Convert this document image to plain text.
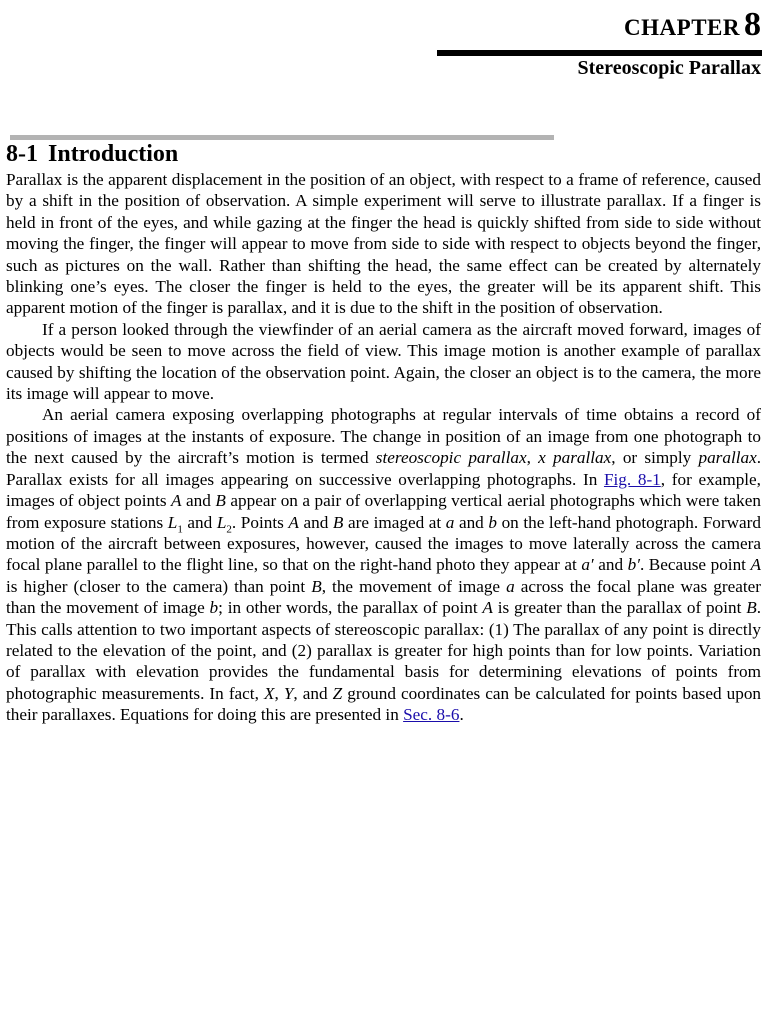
CHAPTER 8
Stereoscopic Parallax
8-1 Introduction

Parallax is the apparent displacement in the position of an object, with respect to a frame of reference, caused by a shift in the position of observation. A simple experiment will serve to illustrate parallax. If a finger is held in front of the eyes, and while gazing at the finger the head is quickly shifted from side to side without moving the finger, the finger will appear to move from side to side with respect to objects beyond the finger, such as pictures on the wall. Rather than shifting the head, the same effect can be created by alternately blinking one’s eyes. The closer the finger is held to the eyes, the greater will be its apparent shift. This apparent motion of the finger is parallax, and it is due to the shift in the position of observation.

If a person looked through the viewfinder of an aerial camera as the aircraft moved forward, images of objects would be seen to move across the field of view. This image motion is another example of parallax caused by shifting the location of the observation point. Again, the closer an object is to the camera, the more its image will appear to move.

An aerial camera exposing overlapping photographs at regular intervals of time obtains a record of positions of images at the instants of exposure. The change in position of an image from one photograph to the next caused by the aircraft’s motion is termed stereoscopic parallax, x parallax, or simply parallax. Parallax exists for all images appearing on successive overlapping photographs. In Fig. 8-1, for example, images of object points A and B appear on a pair of overlapping vertical aerial photographs which were taken from exposure stations $L_1$ and $L_2$. Points A and B are imaged at a and b on the left-hand photograph. Forward motion of the aircraft between exposures, however, caused the images to move laterally across the camera focal plane parallel to the flight line, so that on the right-hand photo they appear at a′ and b′. Because point A is higher (closer to the camera) than point B, the movement of image a across the focal plane was greater than the movement of image b; in other words, the parallax of point A is greater than the parallax of point B. This calls attention to two important aspects of stereoscopic parallax: (1) The parallax of any point is directly related to the elevation of the point, and (2) parallax is greater for high points than for low points. Variation of parallax with elevation provides the fundamental basis for determining elevations of points from photographic measurements. In fact, X, Y, and Z ground coordinates can be calculated for points based upon their parallaxes. Equations for doing this are presented in Sec. 8-6.
